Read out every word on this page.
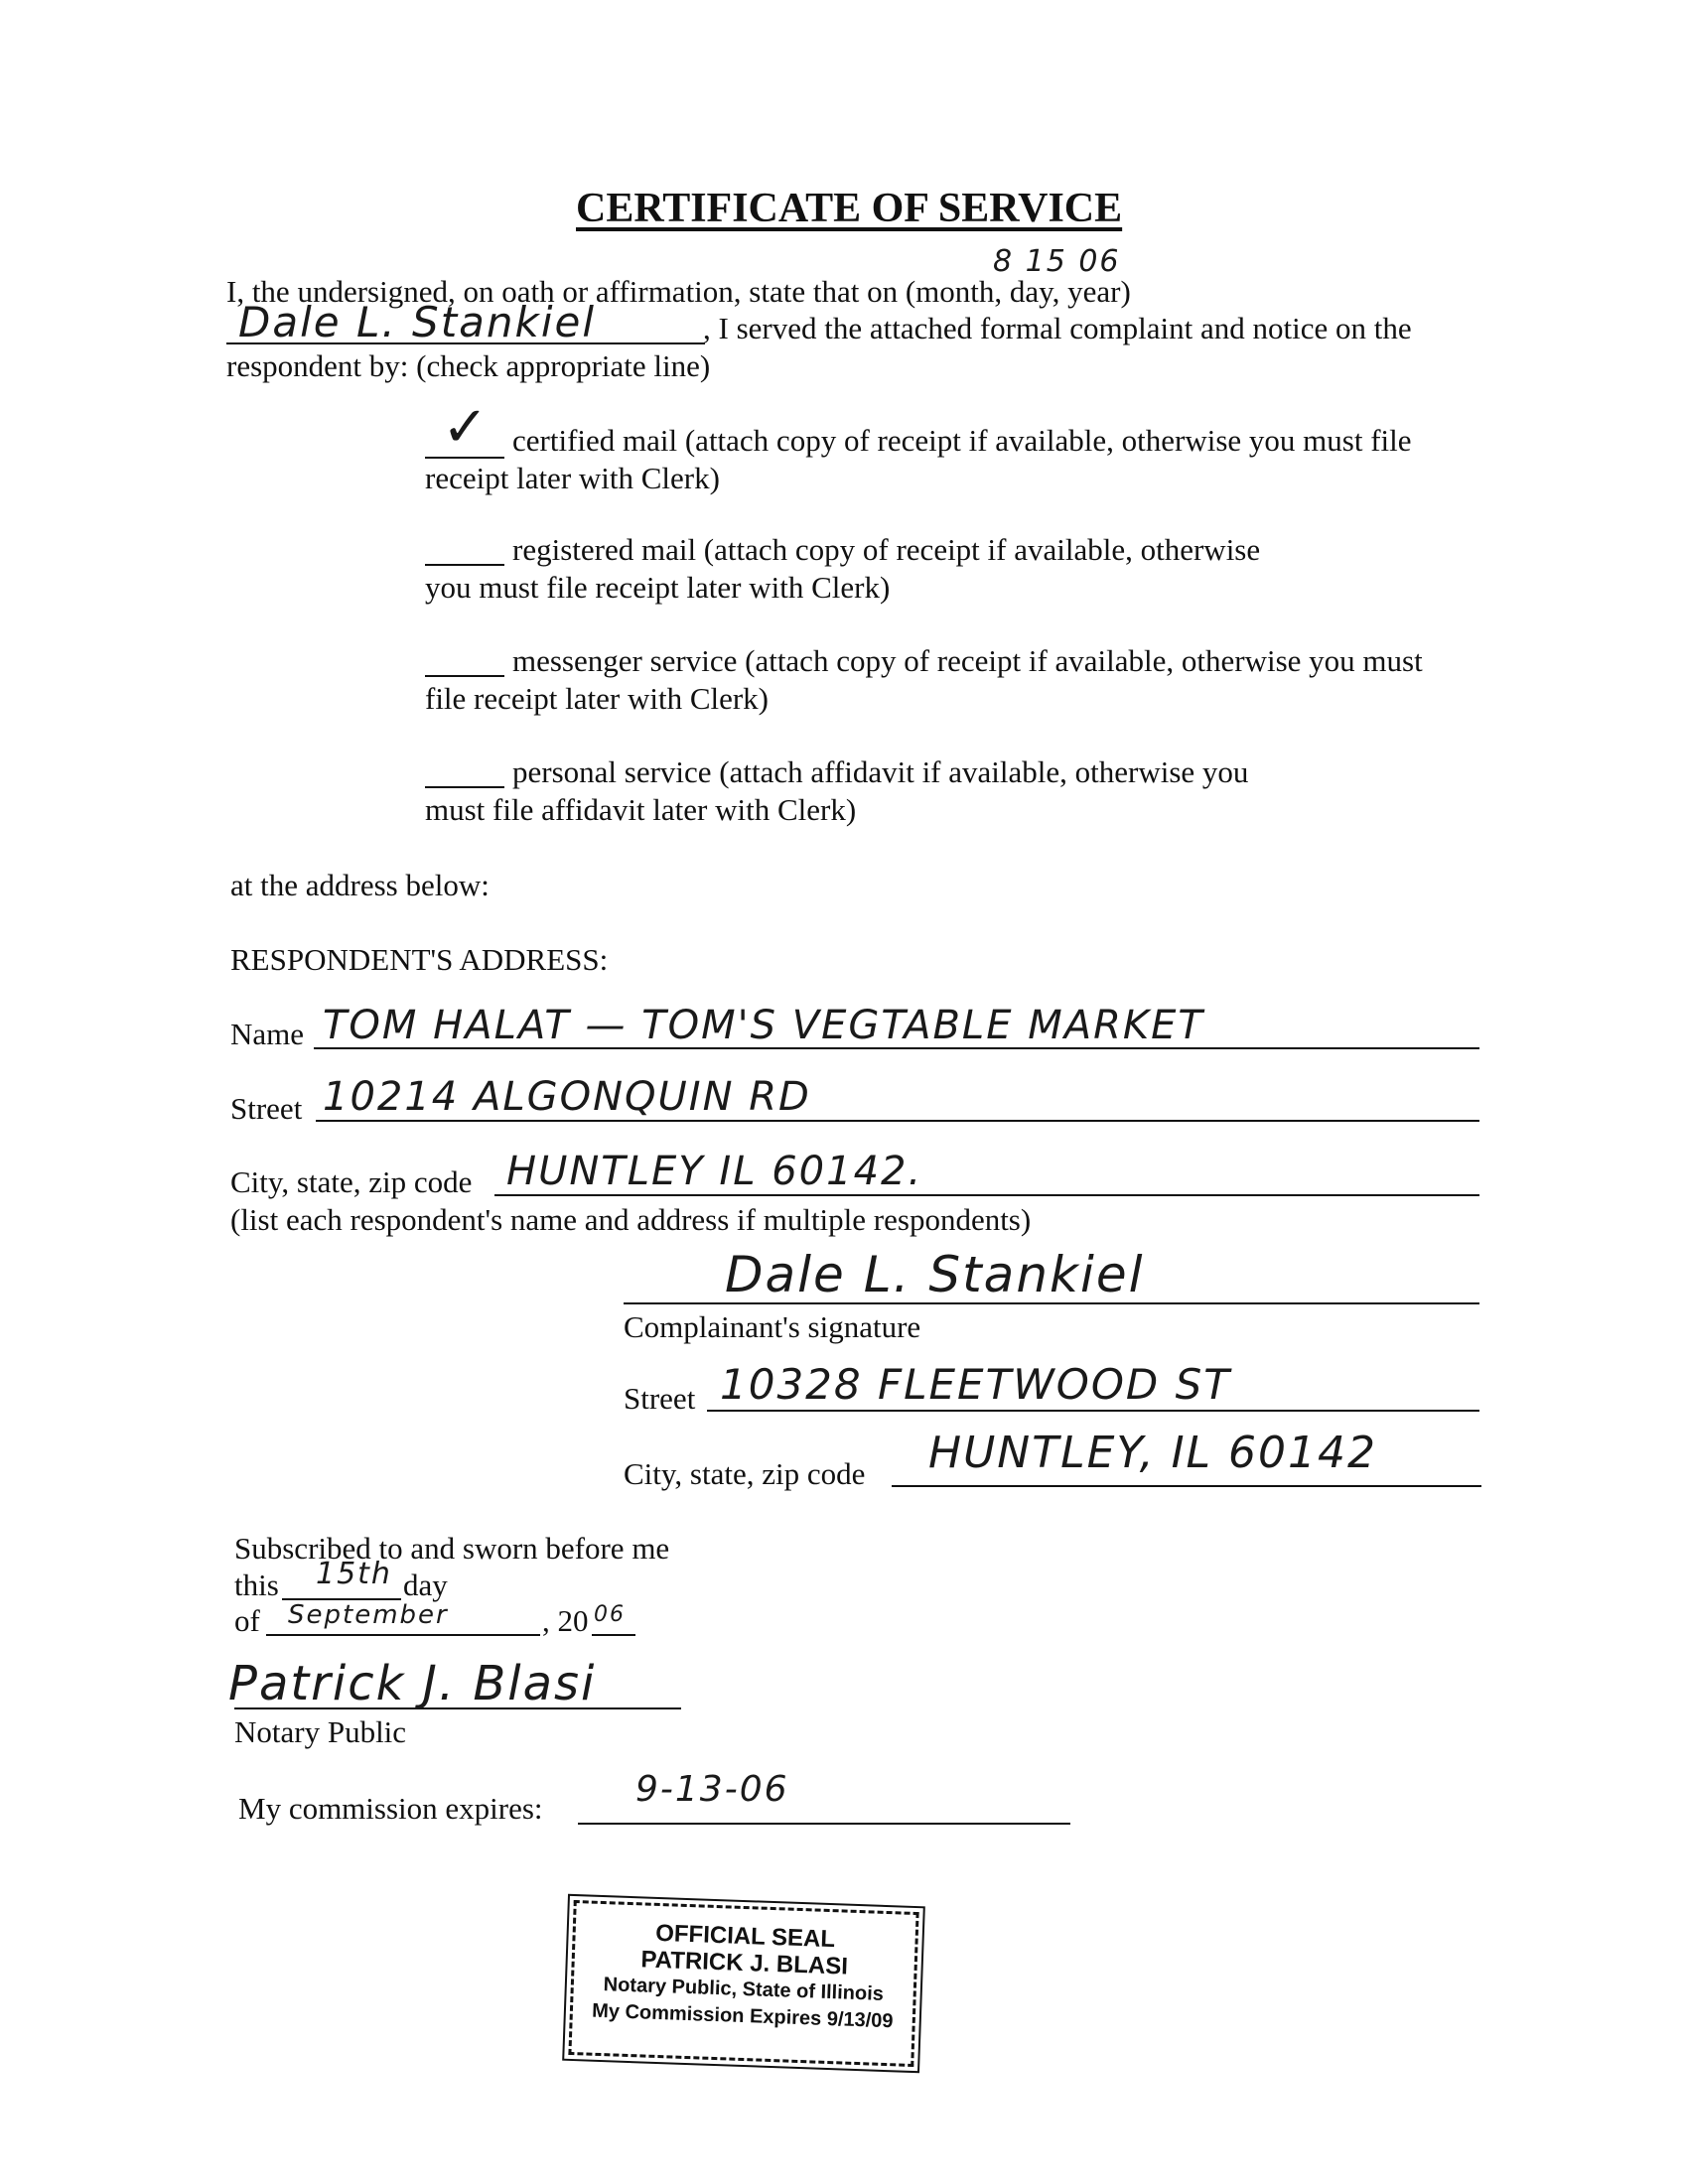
CERTIFICATE OF SERVICE
8 15 06
I, the undersigned, on oath or affirmation, state that on (month, day, year)
Dale L. Stankiel	, I served the attached formal complaint and notice on the
respondent by: (check appropriate line)
✓ certified mail (attach copy of receipt if available, otherwise you must file
receipt later with Clerk)
registered mail (attach copy of receipt if available, otherwise
you must file receipt later with Clerk)
messenger service (attach copy of receipt if available, otherwise you must
file receipt later with Clerk)
personal service (attach affidavit if available, otherwise you
must file affidavit later with Clerk)
at the address below:
RESPONDENT'S ADDRESS:
Name TOM HALAT — TOM'S VEGTABLE MARKET
Street 10214 ALGONQUIN RD
City, state, zip code HUNTLEY IL 60142.
(list each respondent's name and address if multiple respondents)
Dale L. Stankiel
Complainant's signature
Street 10328 FLEETWOOD ST
City, state, zip code HUNTLEY, IL 60142
Subscribed to and sworn before me
this 15th day
of September	, 20 06
Patrick J. Blasi
Notary Public
My commission expires:	9-13-06
OFFICIAL SEAL
PATRICK J. BLASI
Notary Public, State of Illinois
My Commission Expires 9/13/09
